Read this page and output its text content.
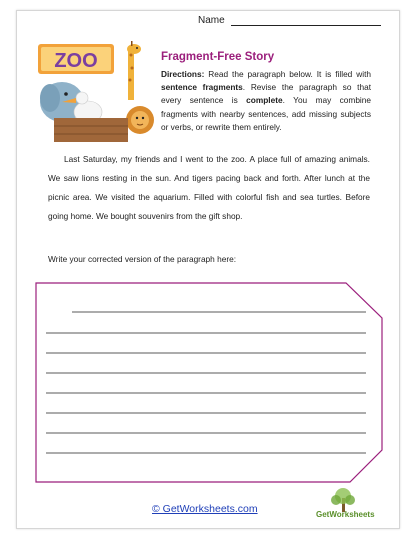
Name
ZOO	Fragment-Free Story
Directions: Read the paragraph below. It is filled with sentence fragments. Revise the paragraph so that every sentence is complete. You may combine fragments with nearby sentences, add missing subjects or verbs, or rewrite them entirely.
Last Saturday, my friends and I went to the zoo. A place full of amazing animals. We saw lions resting in the sun. And tigers pacing back and forth. After lunch at the picnic area. We visited the aquarium. Filled with colorful fish and sea turtles. Before going home. We bought souvenirs from the gift shop.
Write your corrected version of the paragraph here:
© GetWorksheets.com	GetWorksheets
